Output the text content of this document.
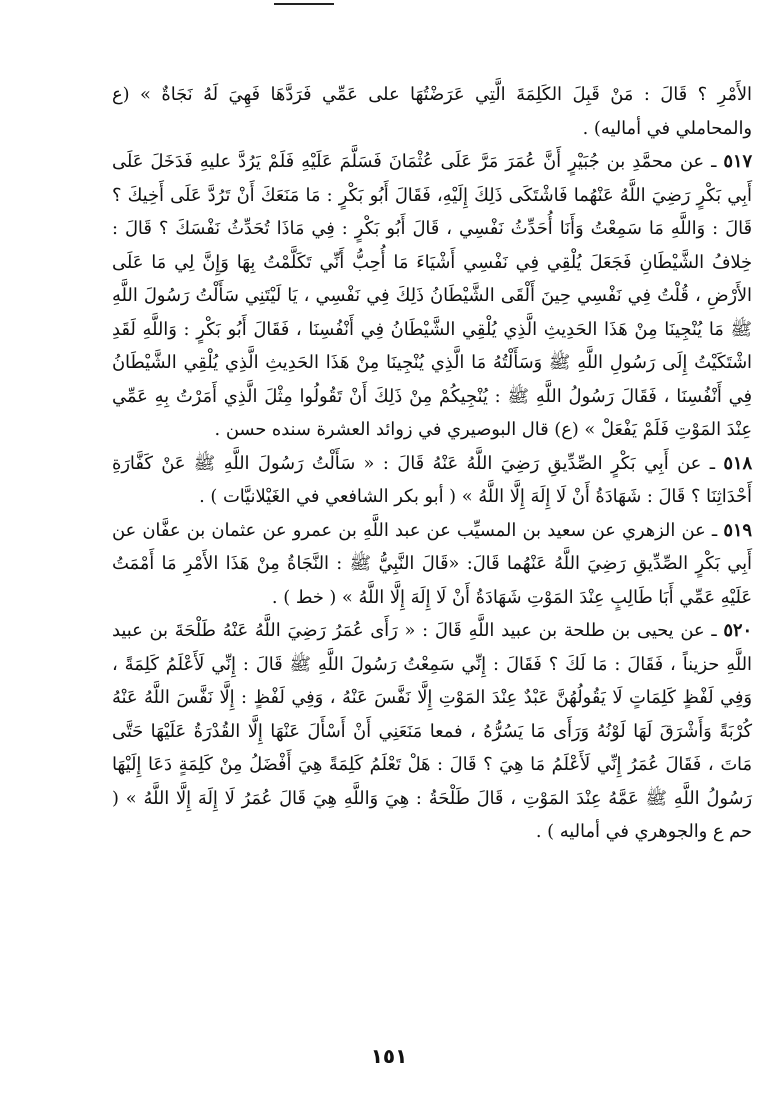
الأَمْرِ ؟ قَالَ : مَنْ قَبِلَ الكَلِمَةَ الَّتِي عَرَضْتُهَا على عَمِّي فَرَدَّهَا فَهِيَ لَهُ نَجَاةٌ » (ع والمحاملي في أماليه) .

٥١٧ ـ عن محمَّدِ بن جُبَيْرٍ أَنَّ عُمَرَ مَرَّ عَلَى عُثْمَانَ فَسَلَّمَ عَلَيْهِ فَلَمْ يَرُدَّ عليهِ فَدَخَلَ عَلَى أَبِي بَكْرٍ رَضِيَ اللَّهُ عَنْهُما فَاشْتَكَى ذَلِكَ إِلَيْهِ، فَقَالَ أَبُو بَكْرٍ : مَا مَنَعَكَ أَنْ تَرُدَّ عَلَى أَخِيكَ ؟ قَالَ : وَاللَّهِ مَا سَمِعْتُ وَأَنَا أُحَدِّثُ نَفْسِي ، قَالَ أَبُو بَكْرٍ : فِي مَاذَا تُحَدِّثُ نَفْسَكَ ؟ قَالَ : خِلافُ الشَّيْطَانِ فَجَعَلَ يُلْقِي فِي نَفْسِي أَشْيَاءَ مَا أُحِبُّ أَنِّي تَكَلَّمْتُ بِهَا وَإِنَّ لِي مَا عَلَى الأَرْضِ ، قُلْتُ فِي نَفْسِي حِينَ أَلْقَى الشَّيْطَانُ ذَلِكَ فِي نَفْسِي ، يَا لَيْتَنِي سَأَلْتُ رَسُولَ اللَّهِ ﷺ مَا يُنْجِينَا مِنْ هَذَا الحَدِيثِ الَّذِي يُلْقِي الشَّيْطَانُ فِي أَنْفُسِنَا ، فَقَالَ أَبُو بَكْرٍ : وَاللَّهِ لَقَدِ اشْتَكَيْتُ إِلَى رَسُولِ اللَّهِ ﷺ وَسَأَلْتُهُ مَا الَّذِي يُنْجِينَا مِنْ هَذَا الحَدِيثِ الَّذِي يُلْقِي الشَّيْطَانُ فِي أَنْفُسِنَا ، فَقَالَ رَسُولُ اللَّهِ ﷺ : يُنْجِيكُمْ مِنْ ذَلِكَ أَنْ تَقُولُوا مِثْلَ الَّذِي أَمَرْتُ بِهِ عَمِّي عِنْدَ المَوْتِ فَلَمْ يَفْعَلْ » (ع) قال البوصيري في زوائد العشرة سنده حسن .

٥١٨ ـ عن أَبِي بَكْرٍ الصِّدِّيقِ رَضِيَ اللَّهُ عَنْهُ قَالَ : « سَأَلْتُ رَسُولَ اللَّهِ ﷺ عَنْ كَفَّارَةِ أَحْدَاثِنَا ؟ قَالَ : شَهَادَةُ أَنْ لَا إِلَهَ إِلَّا اللَّهُ » ( أبو بكر الشافعي في الغَيْلانيَّات ) .

٥١٩ ـ عن الزهري عن سعيد بن المسيِّب عن عبد اللَّهِ بن عمرو عن عثمان بن عفَّان عن أَبِي بَكْرٍ الصِّدِّيقِ رَضِيَ اللَّهُ عَنْهُما قَالَ: «قَالَ النَّبِيُّ ﷺ : النَّجَاةُ مِنْ هَذَا الأَمْرِ مَا أَمْمَتُ عَلَيْهِ عَمِّي أَبَا طَالِبٍ عِنْدَ المَوْتِ شَهَادَةُ أَنْ لَا إِلَهَ إِلَّا اللَّهُ » ( خط ) .

٥٢٠ ـ عن يحيى بن طلحة بن عبيد اللَّهِ قَالَ : « رَأَى عُمَرُ رَضِيَ اللَّهُ عَنْهُ طَلْحَةَ بن عبيد اللَّهِ حزيناً ، فَقَالَ : مَا لَكَ ؟ فَقَالَ : إِنِّي سَمِعْتُ رَسُولَ اللَّهِ ﷺ قَالَ : إِنِّي لَأَعْلَمُ كَلِمَةً ، وَفِي لَفْظٍ كَلِمَاتٍ لَا يَقُولُهُنَّ عَبْدٌ عِنْدَ المَوْتِ إِلَّا نَفَّسَ عَنْهُ ، وَفِي لَفْظٍ : إِلَّا نَفَّسَ اللَّهُ عَنْهُ كُرْبَةً وَأَشْرَقَ لَهَا لَوْنُهُ وَرَأَى مَا يَسُرُّهُ ، فمعا مَنَعَنِي أَنْ أَسْأَلَ عَنْهَا إِلَّا القُدْرَةُ عَلَيْهَا حَتَّى مَاتَ ، فَقَالَ عُمَرُ إِنِّي لَأَعْلَمُ مَا هِيَ ؟ قَالَ : هَلْ تَعْلَمُ كَلِمَةً هِيَ أَفْضَلُ مِنْ كَلِمَةٍ دَعَا إِلَيْهَا رَسُولُ اللَّهِ ﷺ عَمَّهُ عِنْدَ المَوْتِ ، قَالَ طَلْحَةُ : هِيَ وَاللَّهِ هِيَ قَالَ عُمَرُ لَا إِلَهَ إِلَّا اللَّهُ » ( حم ع والجوهري في أماليه ) .

١٥١
